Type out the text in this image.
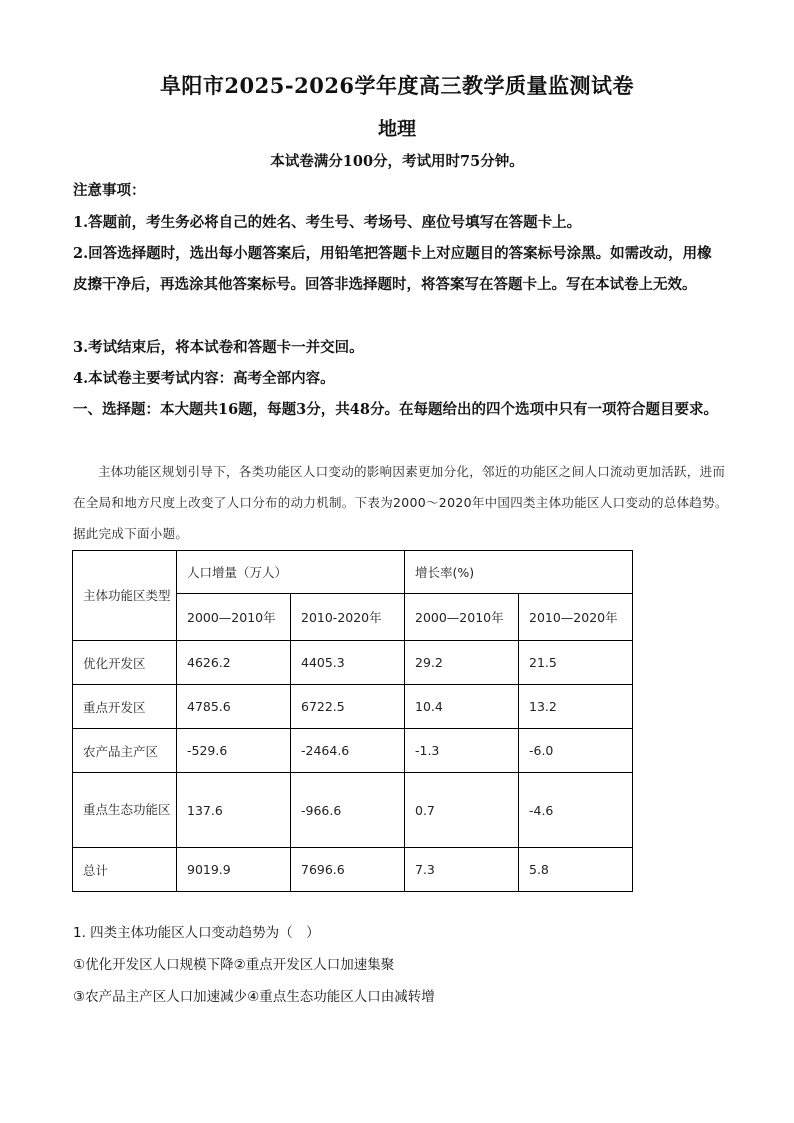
阜阳市2025-2026学年度高三教学质量监测试卷
地理
本试卷满分100分，考试用时75分钟。
注意事项：
1.答题前，考生务必将自己的姓名、考生号、考场号、座位号填写在答题卡上。
2.回答选择题时，选出每小题答案后，用铅笔把答题卡上对应题目的答案标号涂黑。如需改动，用橡皮擦干净后，再选涂其他答案标号。回答非选择题时，将答案写在答题卡上。写在本试卷上无效。
3.考试结束后，将本试卷和答题卡一并交回。
4.本试卷主要考试内容：高考全部内容。
一、选择题：本大题共16题，每题3分，共48分。在每题给出的四个选项中只有一项符合题目要求。
主体功能区规划引导下，各类功能区人口变动的影响因素更加分化，邻近的功能区之间人口流动更加活跃，进而在全局和地方尺度上改变了人口分布的动力机制。下表为2000～2020年中国四类主体功能区人口变动的总体趋势。据此完成下面小题。
主体功能区类型	人口增量（万人）		增长率(%)	
	2000—2010年	2010-2020年	2000—2010年	2010—2020年
优化开发区	4626.2	4405.3	29.2	21.5
重点开发区	4785.6	6722.5	10.4	13.2
农产品主产区	-529.6	-2464.6	-1.3	-6.0

重点生态功能区	137.6	-966.6	0.7	-4.6
总计	9019.9	7696.6	7.3	5.8
1. 四类主体功能区人口变动趋势为（　）
①优化开发区人口规模下降②重点开发区人口加速集聚
③农产品主产区人口加速减少④重点生态功能区人口由减转增
